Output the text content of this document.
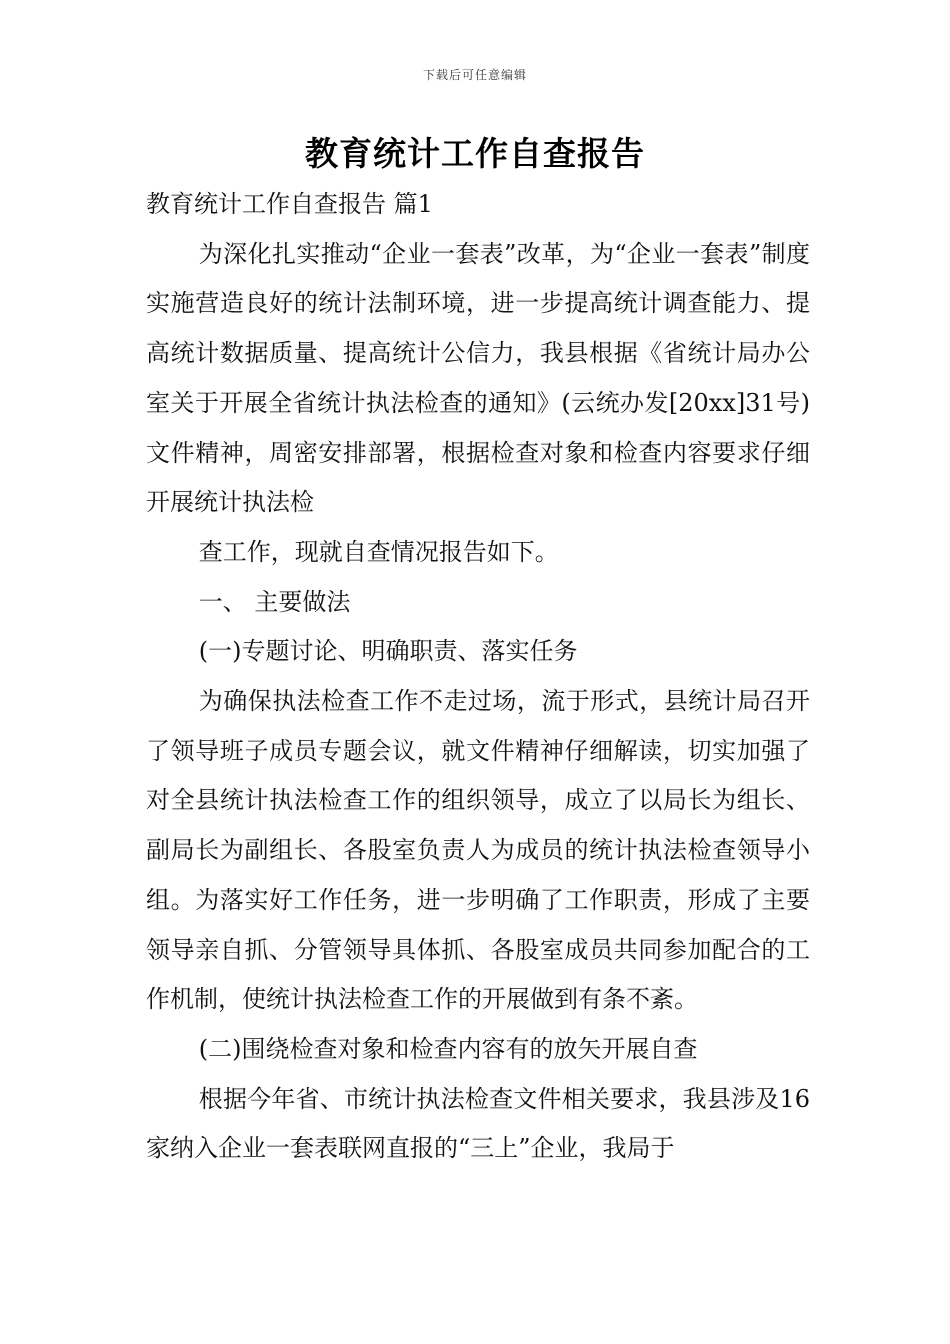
下载后可任意编辑
教育统计工作自查报告

教育统计工作自查报告 篇1

为深化扎实推动“企业一套表”改革，为“企业一套表”制度实施营造良好的统计法制环境，进一步提高统计调查能力、提高统计数据质量、提高统计公信力，我县根据《省统计局办公室关于开展全省统计执法检查的通知》(云统办发[20xx]31号)文件精神，周密安排部署，根据检查对象和检查内容要求仔细开展统计执法检

查工作，现就自查情况报告如下。

一、 主要做法

(一)专题讨论、明确职责、落实任务

为确保执法检查工作不走过场，流于形式，县统计局召开了领导班子成员专题会议，就文件精神仔细解读，切实加强了对全县统计执法检查工作的组织领导，成立了以局长为组长、副局长为副组长、各股室负责人为成员的统计执法检查领导小组。为落实好工作任务，进一步明确了工作职责，形成了主要领导亲自抓、分管领导具体抓、各股室成员共同参加配合的工作机制，使统计执法检查工作的开展做到有条不紊。

(二)围绕检查对象和检查内容有的放矢开展自查

根据今年省、市统计执法检查文件相关要求，我县涉及16家纳入企业一套表联网直报的“三上”企业，我局于
